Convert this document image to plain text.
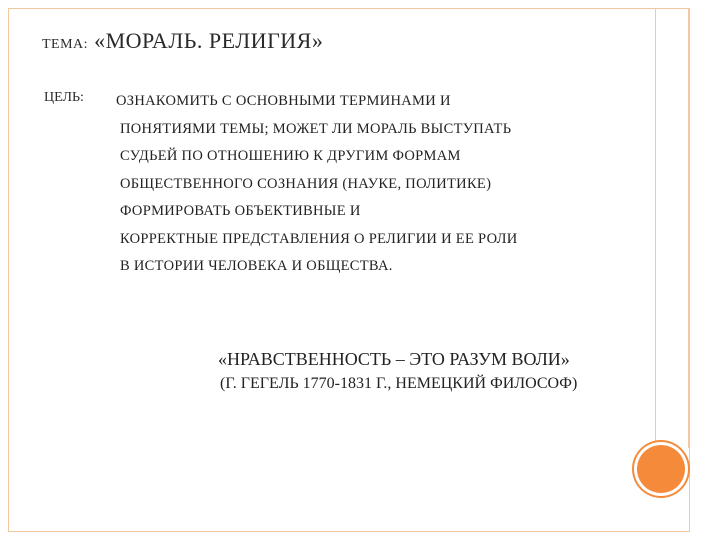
ТЕМА: «МОРАЛЬ. РЕЛИГИЯ»
ЦЕЛЬ: ОЗНАКОМИТЬ С ОСНОВНЫМИ ТЕРМИНАМИ И
ПОНЯТИЯМИ ТЕМЫ; МОЖЕТ ЛИ МОРАЛЬ ВЫСТУПАТЬ
СУДЬЕЙ ПО ОТНОШЕНИЮ К ДРУГИМ ФОРМАМ
ОБЩЕСТВЕННОГО СОЗНАНИЯ (НАУКЕ, ПОЛИТИКЕ)
ФОРМИРОВАТЬ ОБЪЕКТИВНЫЕ И
КОРРЕКТНЫЕ ПРЕДСТАВЛЕНИЯ О РЕЛИГИИ И ЕЕ РОЛИ
В ИСТОРИИ ЧЕЛОВЕКА И ОБЩЕСТВА.
«НРАВСТВЕННОСТЬ – ЭТО РАЗУМ ВОЛИ»
(Г. ГЕГЕЛЬ 1770-1831 Г., НЕМЕЦКИЙ ФИЛОСОФ)
